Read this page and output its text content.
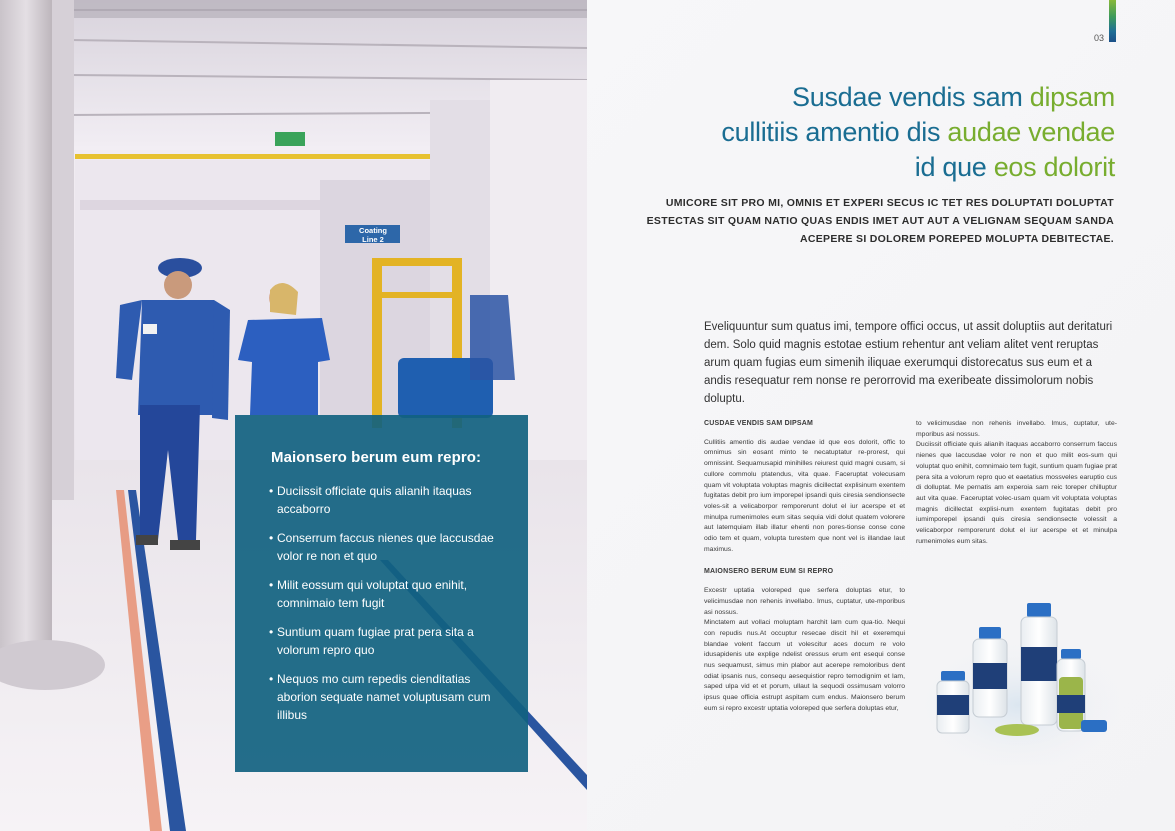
Coating
Line 2
Maionsero berum eum repro:
• Duciissit officiate quis alianih itaquas accaborro
• Conserrum faccus nienes que laccusdae volor re non et quo
• Milit eossum qui voluptat quo enihit, comnimaio tem fugit
• Suntium quam fugiae prat pera sita a volorum repro quo
• Nequos mo cum repedis cienditatias aborion sequate namet voluptusam cum illibus
03
Susdae vendis sam dipsam
cullitiis amentio dis audae vendae
id que eos dolorit
UMICORE SIT PRO MI, OMNIS ET EXPERI SECUS IC TET RES DOLUPTATI DOLUPTAT ESTECTAS SIT QUAM NATIO QUAS ENDIS IMET AUT AUT A VELIGNAM SEQUAM SANDA ACEPERE SI DOLOREM POREPED MOLUPTA DEBITECTAE.
Eveliquuntur sum quatus imi, tempore offici occus, ut assit doluptiis aut deritaturi dem. Solo quid magnis estotae estium rehentur ant veliam alitet vent reruptas arum quam fugias eum simenih iliquae exerumqui distorecatus sus eum et a andis resequatur rem nonse re perorrovid ma exeribeate dissimolorum nobis doluptu.
CUSDAE VENDIS SAM DIPSAM

Cullitiis amentio dis audae vendae id que eos dolorit, offic to omnimus sin eosant minto te necatuptatur re-prorest, qui omnissint. Sequamusapid minihilles reiurest quid magni cusam, si cullore commolu ptatendus, vita quae. Faceruptat volecusam quam vit voluptata voluptas magnis dicillectat explisinum exentem fugitatas debit pro ium imporepel ipsandi quis ciresia sendionsecte voles-sit a velicaborpor remporerunt dolut el iur acerspe et et minulpa rumenimoles eum sitas sequia vidi dolut quatem volorere aut latemquiam illab illatur ehenti non pores-tionse conse cone odio tem et quam, volupta turestem que nont vel is illandae laut maximus.

MAIONSERO BERUM EUM SI REPRO

Excestr uptatia voloreped que serfera doluptas etur, to velicimusdae non rehenis invellabo. Imus, cuptatur, ute-mporibus asi nossus.

Minctatem aut vollaci moluptam harchit lam cum qua-tio. Nequi con repudis nus.At occuptur resecae discit hil et exeremqui blandae volent faccum ut volescitur aces docum re volo idusapidenis ute explige ndelist oressus erum ent esequi conse nus sequamust, simus min plabor aut acerepe remoloribus dent odiat ipsanis nus, consequ aesequistior repro temodignim et lam, saped ulpa vid et et porum, ullaut la sequodi ossimusam volorro ipsus quae officia estrupt aspitam cum endus. Maionsero berum eum si repro excestr uptatia voloreped que serfera doluptas etur,

to velicimusdae non rehenis invellabo. Imus, cuptatur, ute-mporibus asi nossus.

Duciissit officiate quis alianih itaquas accaborro conserrum faccus nienes que laccusdae volor re non et quo milit eos-sum qui voluptat quo enihit, comnimaio tem fugit, suntium quam fugiae prat pera sita a volorum repro quo et eaetatius mossveles earuptio cus di dolluptat. Me pernatis am experoia sam reic toreper chilluptur aut vita quae. Faceruptat volec-usam quam vit voluptata voluptas magnis dicillectat explisi-num exentem fugitatas debit pro iumimporepel ipsandi quis ciresia sendionsecte volessit a velicaborpor remporerunt dolut el iur acerspe et et minulpa rumenimoles eum sitas.
